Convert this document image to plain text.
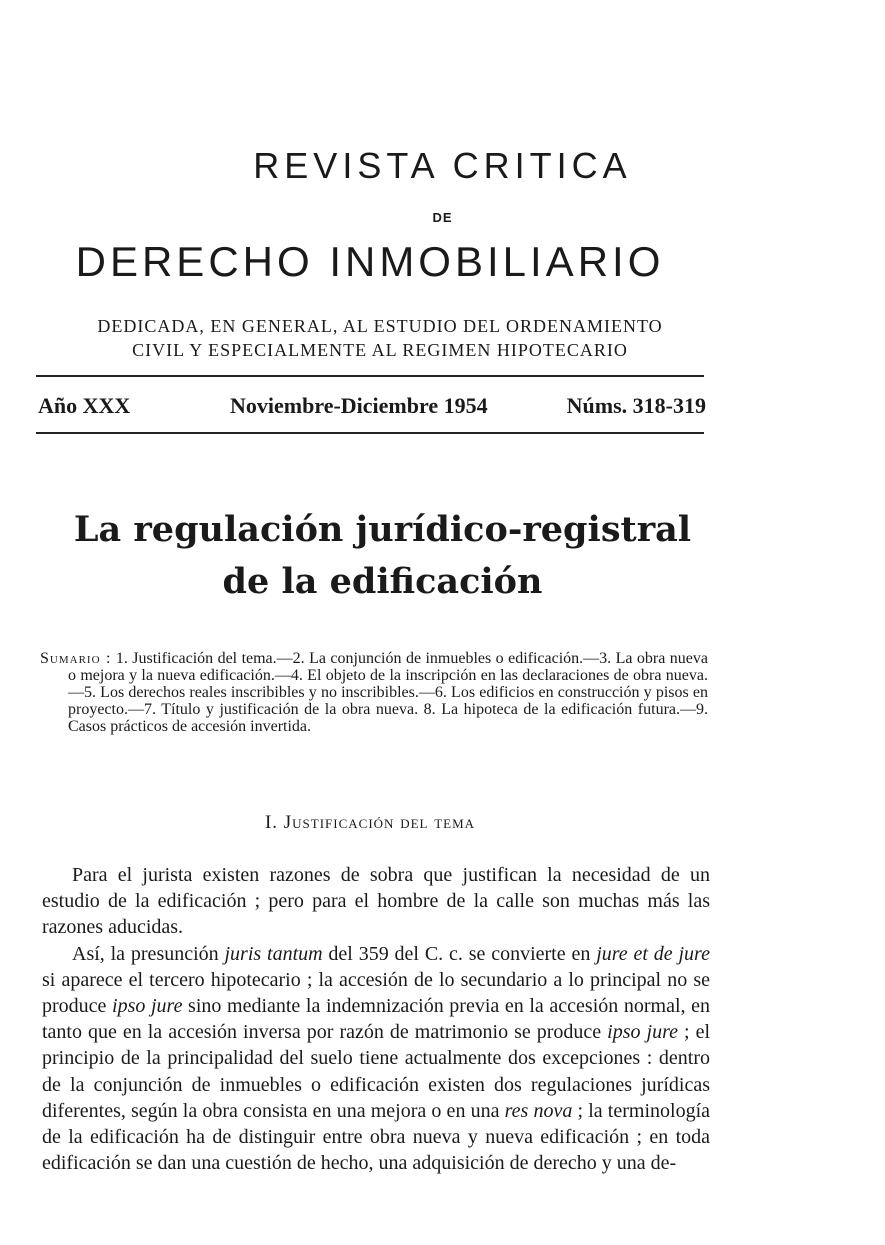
REVISTA CRITICA
DE
DERECHO INMOBILIARIO
DEDICADA, EN GENERAL, AL ESTUDIO DEL ORDENAMIENTO
CIVIL Y ESPECIALMENTE AL REGIMEN HIPOTECARIO
Año XXX	Noviembre-Diciembre 1954	Núms. 318-319
La regulación jurídico-registral
de la edificación
Sumario : 1. Justificación del tema.—2. La conjunción de inmuebles o edificación.—3. La obra nueva o mejora y la nueva edificación.—4. El objeto de la inscripción en las declaraciones de obra nueva.—5. Los derechos reales inscribibles y no inscribibles.—6. Los edificios en construcción y pisos en proyecto.—7. Título y justificación de la obra nueva. 8. La hipoteca de la edificación futura.—9. Casos prácticos de accesión invertida.
I. Justificación del tema

Para el jurista existen razones de sobra que justifican la necesidad de un estudio de la edificación ; pero para el hombre de la calle son muchas más las razones aducidas.

Así, la presunción juris tantum del 359 del C. c. se convierte en jure et de jure si aparece el tercero hipotecario ; la accesión de lo secundario a lo principal no se produce ipso jure sino mediante la indemnización previa en la accesión normal, en tanto que en la accesión inversa por razón de matrimonio se produce ipso jure ; el principio de la principalidad del suelo tiene actualmente dos excepciones : dentro de la conjunción de inmuebles o edificación existen dos regulaciones jurídicas diferentes, según la obra consista en una mejora o en una res nova ; la terminología de la edificación ha de distinguir entre obra nueva y nueva edificación ; en toda edificación se dan una cuestión de hecho, una adquisición de derecho y una de-
